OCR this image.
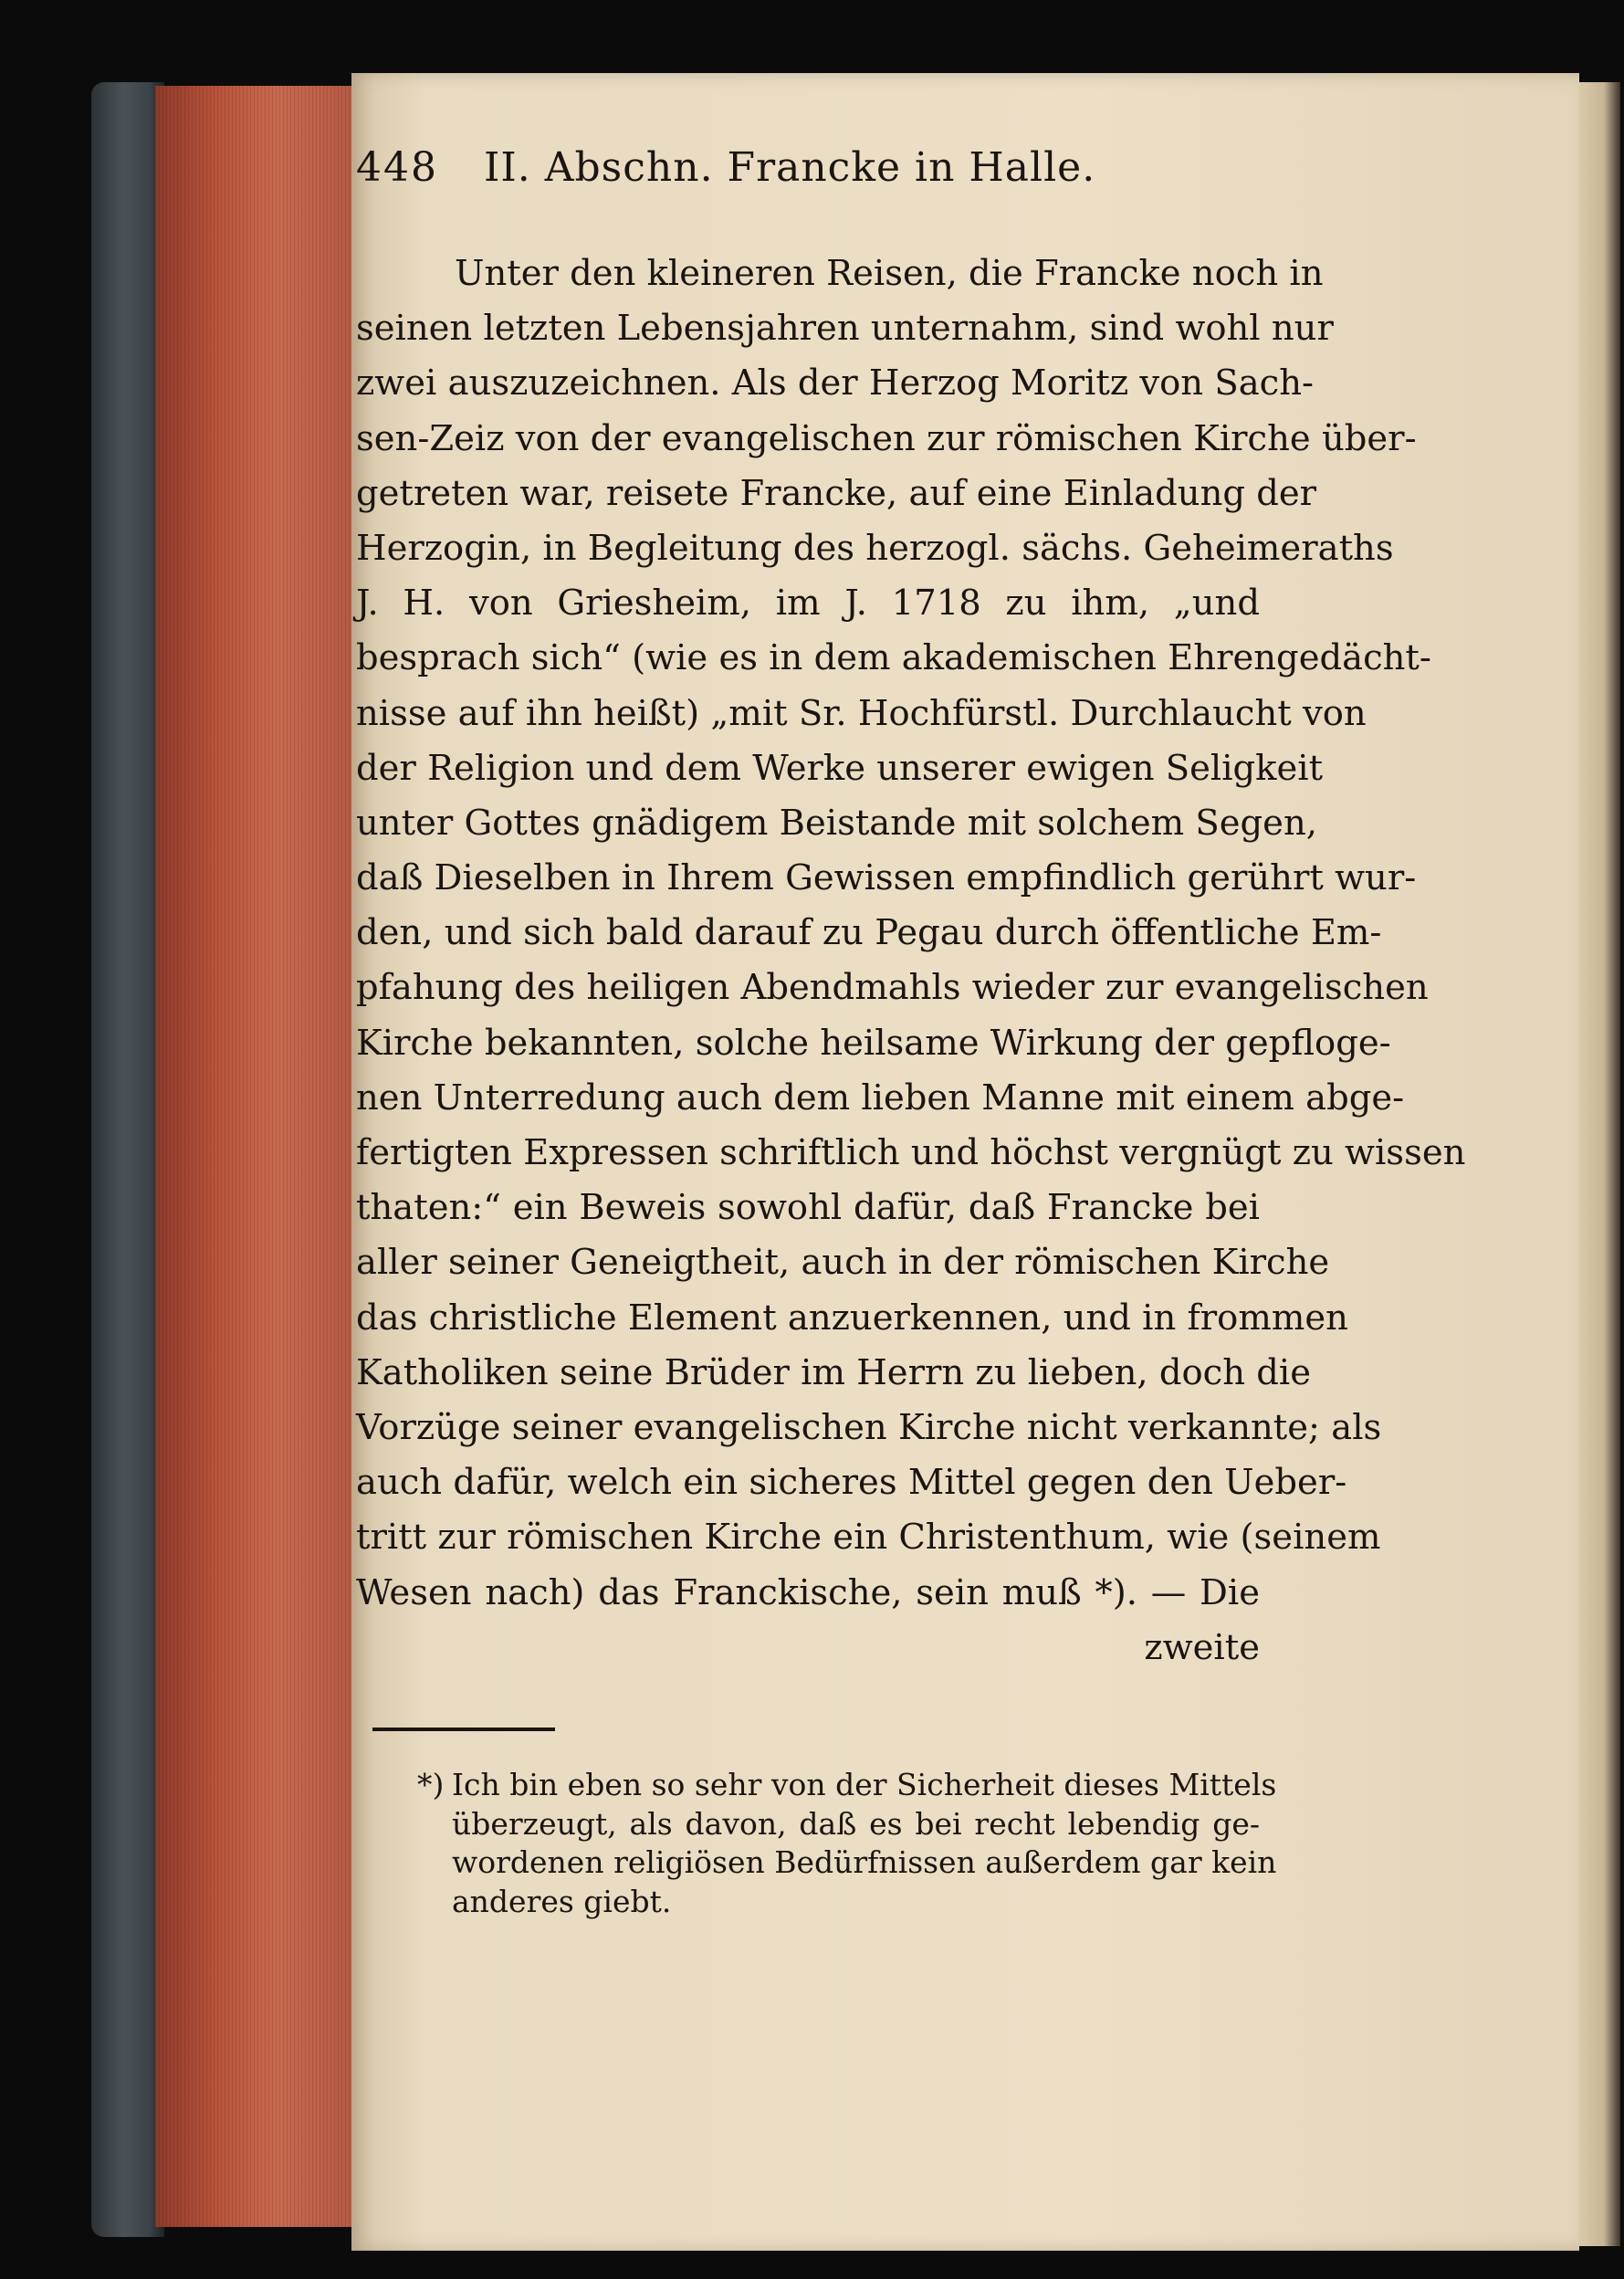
448 II. Abschn. Francke in Halle.
Unter den kleineren Reisen, die Francke noch in
seinen letzten Lebensjahren unternahm, sind wohl nur
zwei auszuzeichnen. Als der Herzog Moritz von Sach-
sen-Zeiz von der evangelischen zur römischen Kirche über-
getreten war, reisete Francke, auf eine Einladung der
Herzogin, in Begleitung des herzogl. sächs. Geheimeraths
J. H. von Griesheim, im J. 1718 zu ihm, „und
besprach sich“ (wie es in dem akademischen Ehrengedächt-
nisse auf ihn heißt) „mit Sr. Hochfürstl. Durchlaucht von
der Religion und dem Werke unserer ewigen Seligkeit
unter Gottes gnädigem Beistande mit solchem Segen,
daß Dieselben in Ihrem Gewissen empfindlich gerührt wur-
den, und sich bald darauf zu Pegau durch öffentliche Em-
pfahung des heiligen Abendmahls wieder zur evangelischen
Kirche bekannten, solche heilsame Wirkung der gepfloge-
nen Unterredung auch dem lieben Manne mit einem abge-
fertigten Expressen schriftlich und höchst vergnügt zu wissen
thaten:“ ein Beweis sowohl dafür, daß Francke bei
aller seiner Geneigtheit, auch in der römischen Kirche
das christliche Element anzuerkennen, und in frommen
Katholiken seine Brüder im Herrn zu lieben, doch die
Vorzüge seiner evangelischen Kirche nicht verkannte; als
auch dafür, welch ein sicheres Mittel gegen den Ueber-
tritt zur römischen Kirche ein Christenthum, wie (seinem
Wesen nach) das Franckische, sein muß *). — Die
zweite
*) Ich bin eben so sehr von der Sicherheit dieses Mittels
überzeugt, als davon, daß es bei recht lebendig ge-
wordenen religiösen Bedürfnissen außerdem gar kein
anderes giebt.
